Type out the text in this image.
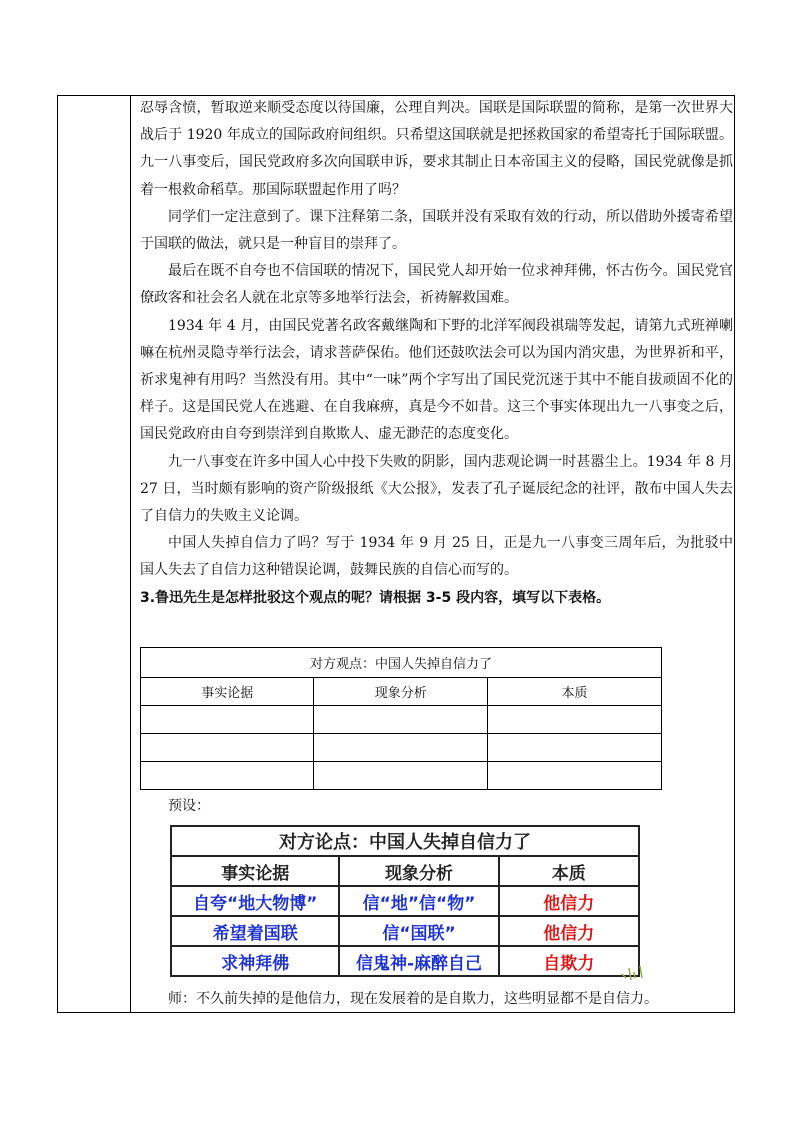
忍辱含愤，暂取逆来顺受态度以待国廉，公理自判决。国联是国际联盟的简称，是第一次世界大战后于 1920 年成立的国际政府间组织。只希望这国联就是把拯救国家的希望寄托于国际联盟。九一八事变后，国民党政府多次向国联申诉，要求其制止日本帝国主义的侵略，国民党就像是抓着一根救命稻草。那国际联盟起作用了吗？

同学们一定注意到了。课下注释第二条，国联并没有采取有效的行动，所以借助外援寄希望于国联的做法，就只是一种盲目的崇拜了。

最后在既不自夸也不信国联的情况下，国民党人却开始一位求神拜佛，怀古伤今。国民党官僚政客和社会名人就在北京等多地举行法会，祈祷解救国难。

1934 年 4 月，由国民党著名政客戴继陶和下野的北洋军阀段祺瑞等发起，请第九式班禅喇嘛在杭州灵隐寺举行法会，请求菩萨保佑。他们还鼓吹法会可以为国内消灾患，为世界祈和平，祈求鬼神有用吗？当然没有用。其中“一味”两个字写出了国民党沉迷于其中不能自拔顽固不化的样子。这是国民党人在逃避、在自我麻痹，真是今不如昔。这三个事实体现出九一八事变之后，国民党政府由自夸到崇洋到自欺欺人、虚无渺茫的态度变化。

九一八事变在许多中国人心中投下失败的阴影，国内悲观论调一时甚嚣尘上。1934 年 8 月 27 日，当时颇有影响的资产阶级报纸《大公报》，发表了孔子诞辰纪念的社评，散布中国人失去了自信力的失败主义论调。

中国人失掉自信力了吗？写于 1934 年 9 月 25 日，正是九一八事变三周年后，为批驳中国人失去了自信力这种错误论调，鼓舞民族的自信心而写的。

3.鲁迅先生是怎样批驳这个观点的呢？请根据 3-5 段内容，填写以下表格。

对方观点：中国人失掉自信力了		
事实论据	现象分析	本质

预设：
对方论点：中国人失掉自信力了		
事实论据	现象分析	本质
自夸“地大物博”	信“地”信“物”	他信力
希望着国联	信“国联”	他信力
求神拜佛	信鬼神-麻醉自己	自欺力
师：不久前失掉的是他信力，现在发展着的是自欺力，这些明显都不是自信力。
